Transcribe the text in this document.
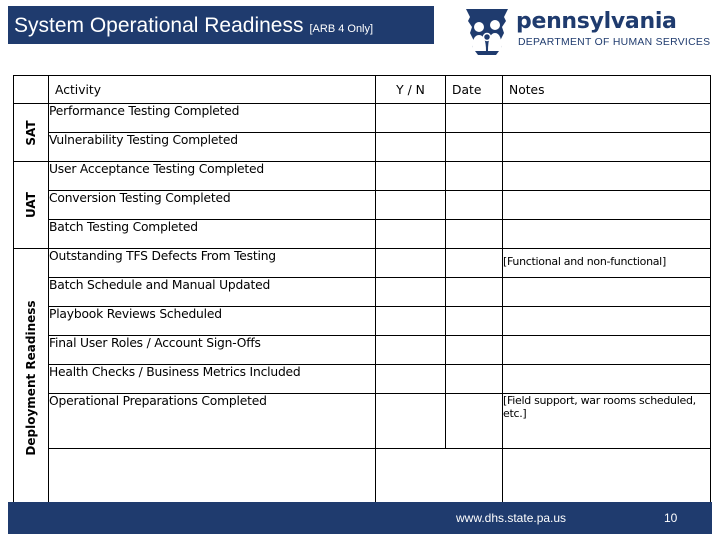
System Operational Readiness [ARB 4 Only]	pennsylvania
DEPARTMENT OF HUMAN SERVICES
	Activity	Y / N	Date	Notes	

SAT	Performance Testing Completed				
	Vulnerability Testing Completed				

UAT	User Acceptance Testing Completed				
	Conversion Testing Completed				
	Batch Testing Completed				

Deployment Readiness	Outstanding TFS Defects From Testing			[Functional and non-functional]	
	Batch Schedule and Manual Updated				
	Playbook Reviews Scheduled				
	Final User Roles / Account Sign-Offs				
	Health Checks / Business Metrics Included				
	Operational Preparations Completed			[Field support, war rooms scheduled, etc.]	

www.dhs.state.pa.us	10
